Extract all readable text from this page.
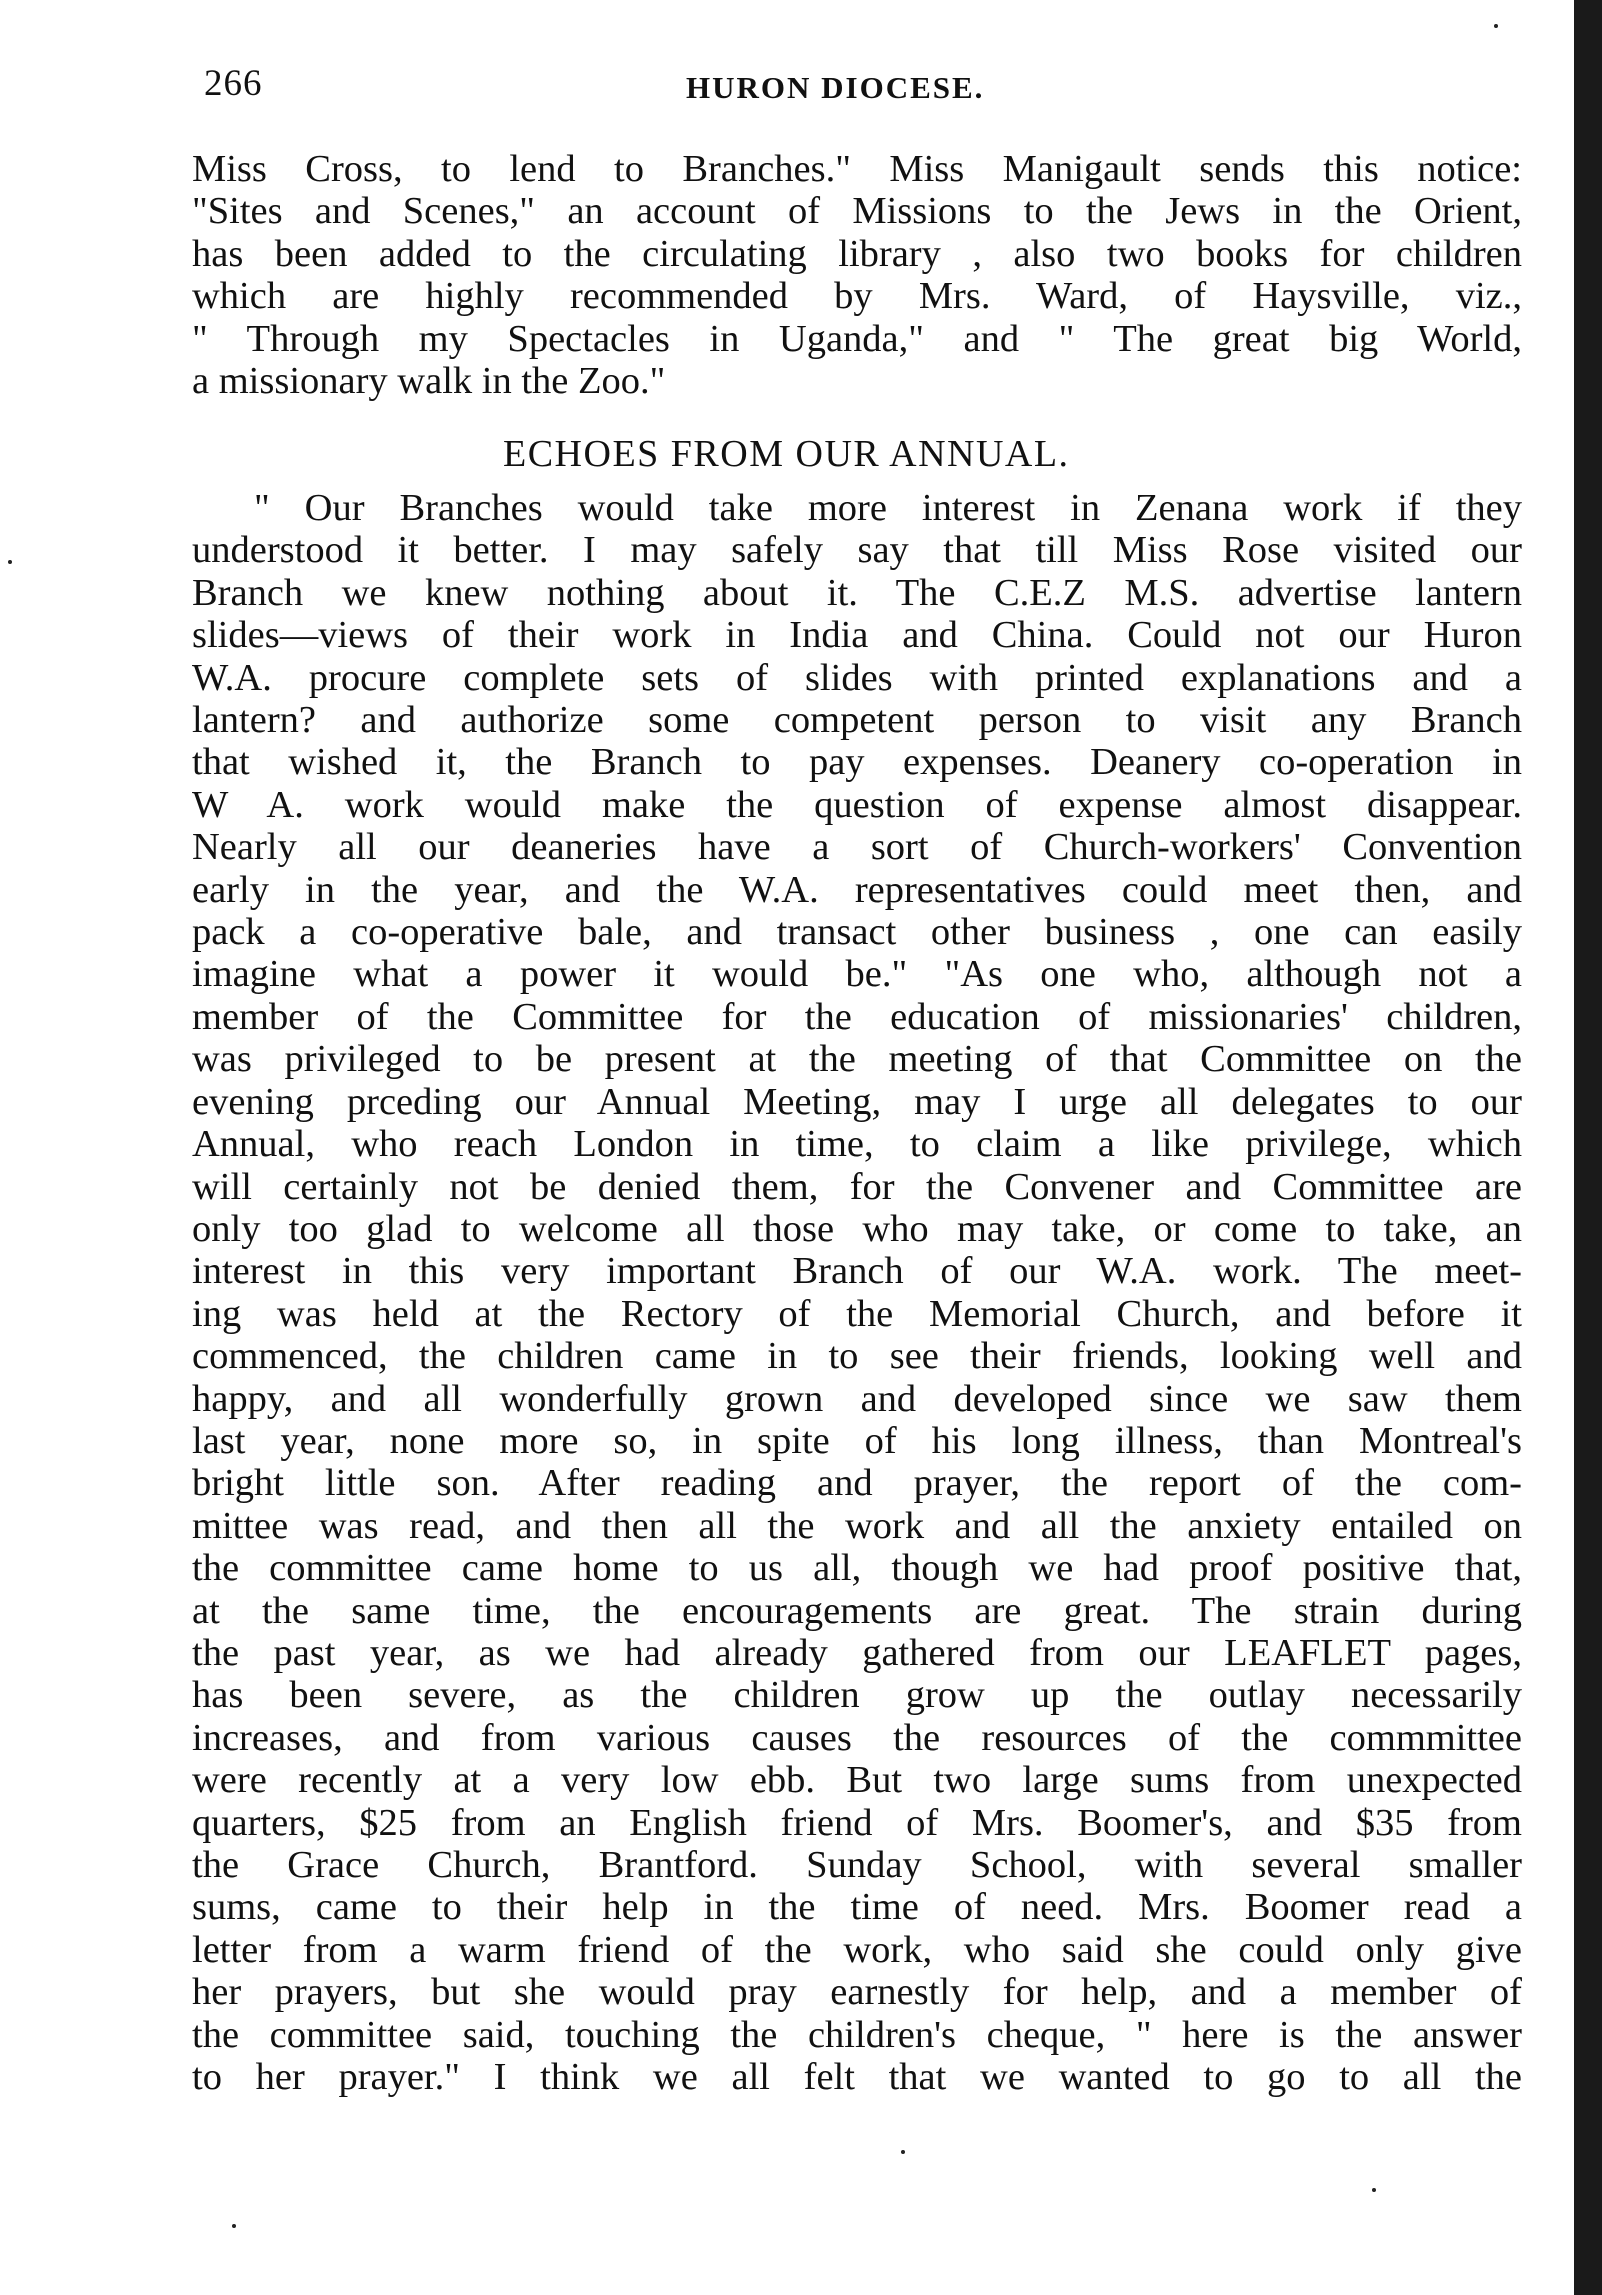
266	HURON DIOCESE.
Miss Cross, to lend to Branches." Miss Manigault sends this notice:
"Sites and Scenes," an account of Missions to the Jews in the Orient,
has been added to the circulating library , also two books for children
which are highly recommended by Mrs. Ward, of Haysville, viz.,
" Through my Spectacles in Uganda," and " The great big World,
a missionary walk in the Zoo."
ECHOES FROM OUR ANNUAL.
" Our Branches would take more interest in Zenana work if they
understood it better. I may safely say that till Miss Rose visited our
Branch we knew nothing about it. The C.E.Z M.S. advertise lantern
slides—views of their work in India and China. Could not our Huron
W.A. procure complete sets of slides with printed explanations and a
lantern? and authorize some competent person to visit any Branch
that wished it, the Branch to pay expenses. Deanery co-operation in
W A. work would make the question of expense almost disappear.
Nearly all our deaneries have a sort of Church-workers' Convention
early in the year, and the W.A. representatives could meet then, and
pack a co-operative bale, and transact other business , one can easily
imagine what a power it would be." "As one who, although not a
member of the Committee for the education of missionaries' children,
was privileged to be present at the meeting of that Committee on the
evening prceding our Annual Meeting, may I urge all delegates to our
Annual, who reach London in time, to claim a like privilege, which
will certainly not be denied them, for the Convener and Committee are
only too glad to welcome all those who may take, or come to take, an
interest in this very important Branch of our W.A. work. The meet-
ing was held at the Rectory of the Memorial Church, and before it
commenced, the children came in to see their friends, looking well and
happy, and all wonderfully grown and developed since we saw them
last year, none more so, in spite of his long illness, than Montreal's
bright little son. After reading and prayer, the report of the com-
mittee was read, and then all the work and all the anxiety entailed on
the committee came home to us all, though we had proof positive that,
at the same time, the encouragements are great. The strain during
the past year, as we had already gathered from our LEAFLET pages,
has been severe, as the children grow up the outlay necessarily
increases, and from various causes the resources of the commmittee
were recently at a very low ebb. But two large sums from unexpected
quarters, $25 from an English friend of Mrs. Boomer's, and $35 from
the Grace Church, Brantford. Sunday School, with several smaller
sums, came to their help in the time of need. Mrs. Boomer read a
letter from a warm friend of the work, who said she could only give
her prayers, but she would pray earnestly for help, and a member of
the committee said, touching the children's cheque, " here is the answer
to her prayer." I think we all felt that we wanted to go to all the
